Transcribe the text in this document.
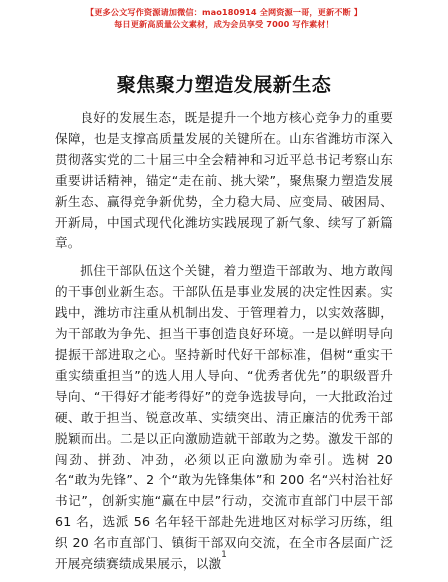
【更多公文写作资源请加微信：mao180914 全网资源一哥，更新不断 】
每日更新高质量公文素材，成为会员享受 7000 写作素材！
聚焦聚力塑造发展新生态

良好的发展生态，既是提升一个地方核心竞争力的重要保障，也是支撑高质量发展的关键所在。山东省潍坊市深入贯彻落实党的二十届三中全会精神和习近平总书记考察山东重要讲话精神，锚定“走在前、挑大梁”，聚焦聚力塑造发展新生态、赢得竞争新优势，全力稳大局、应变局、破困局、开新局，中国式现代化潍坊实践展现了新气象、续写了新篇章。

抓住干部队伍这个关键，着力塑造干部敢为、地方敢闯的干事创业新生态。干部队伍是事业发展的决定性因素。实践中，潍坊市注重从机制出发、于管理着力，以实效落脚，为干部敢为争先、担当干事创造良好环境。一是以鲜明导向提振干部进取之心。坚持新时代好干部标准，倡树“重实干重实绩重担当”的选人用人导向、“优秀者优先”的职级晋升导向、“干得好才能考得好”的竞争选拔导向，一大批政治过硬、敢于担当、锐意改革、实绩突出、清正廉洁的优秀干部脱颖而出。二是以正向激励造就干部敢为之势。激发干部的闯劲、拼劲、冲劲，必须以正向激励为牵引。选树 20 名“敢为先锋”、2 个“敢为先锋集体”和 200 名“兴村治社好书记”，创新实施“赢在中层”行动，交流市直部门中层干部 61 名，选派 56 名年轻干部赴先进地区对标学习历练，组织 20 名市直部门、镇街干部双向交流，在全市各层面广泛开展亮绩赛绩成果展示，以激

1
